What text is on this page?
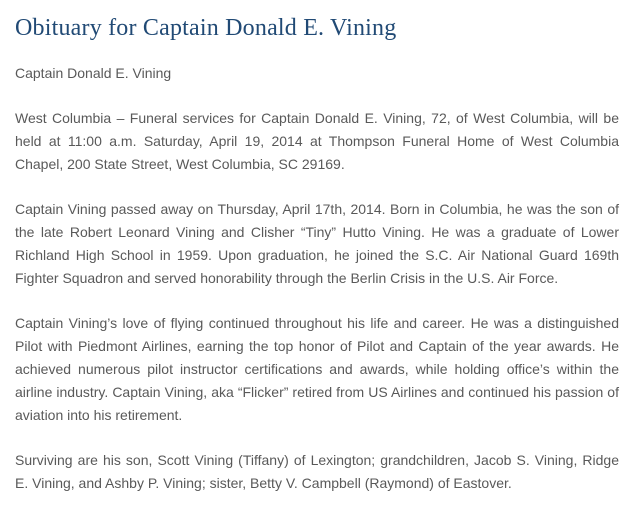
Obituary for Captain Donald E. Vining

Captain Donald E. Vining

West Columbia – Funeral services for Captain Donald E. Vining, 72, of West Columbia, will be held at 11:00 a.m. Saturday, April 19, 2014 at Thompson Funeral Home of West Columbia Chapel, 200 State Street, West Columbia, SC 29169.

Captain Vining passed away on Thursday, April 17th, 2014. Born in Columbia, he was the son of the late Robert Leonard Vining and Clisher “Tiny” Hutto Vining. He was a graduate of Lower Richland High School in 1959. Upon graduation, he joined the S.C. Air National Guard 169th Fighter Squadron and served honorability through the Berlin Crisis in the U.S. Air Force.

Captain Vining’s love of flying continued throughout his life and career. He was a distinguished Pilot with Piedmont Airlines, earning the top honor of Pilot and Captain of the year awards. He achieved numerous pilot instructor certifications and awards, while holding office’s within the airline industry. Captain Vining, aka “Flicker” retired from US Airlines and continued his passion of aviation into his retirement.

Surviving are his son, Scott Vining (Tiffany) of Lexington; grandchildren, Jacob S. Vining, Ridge E. Vining, and Ashby P. Vining; sister, Betty V. Campbell (Raymond) of Eastover.
